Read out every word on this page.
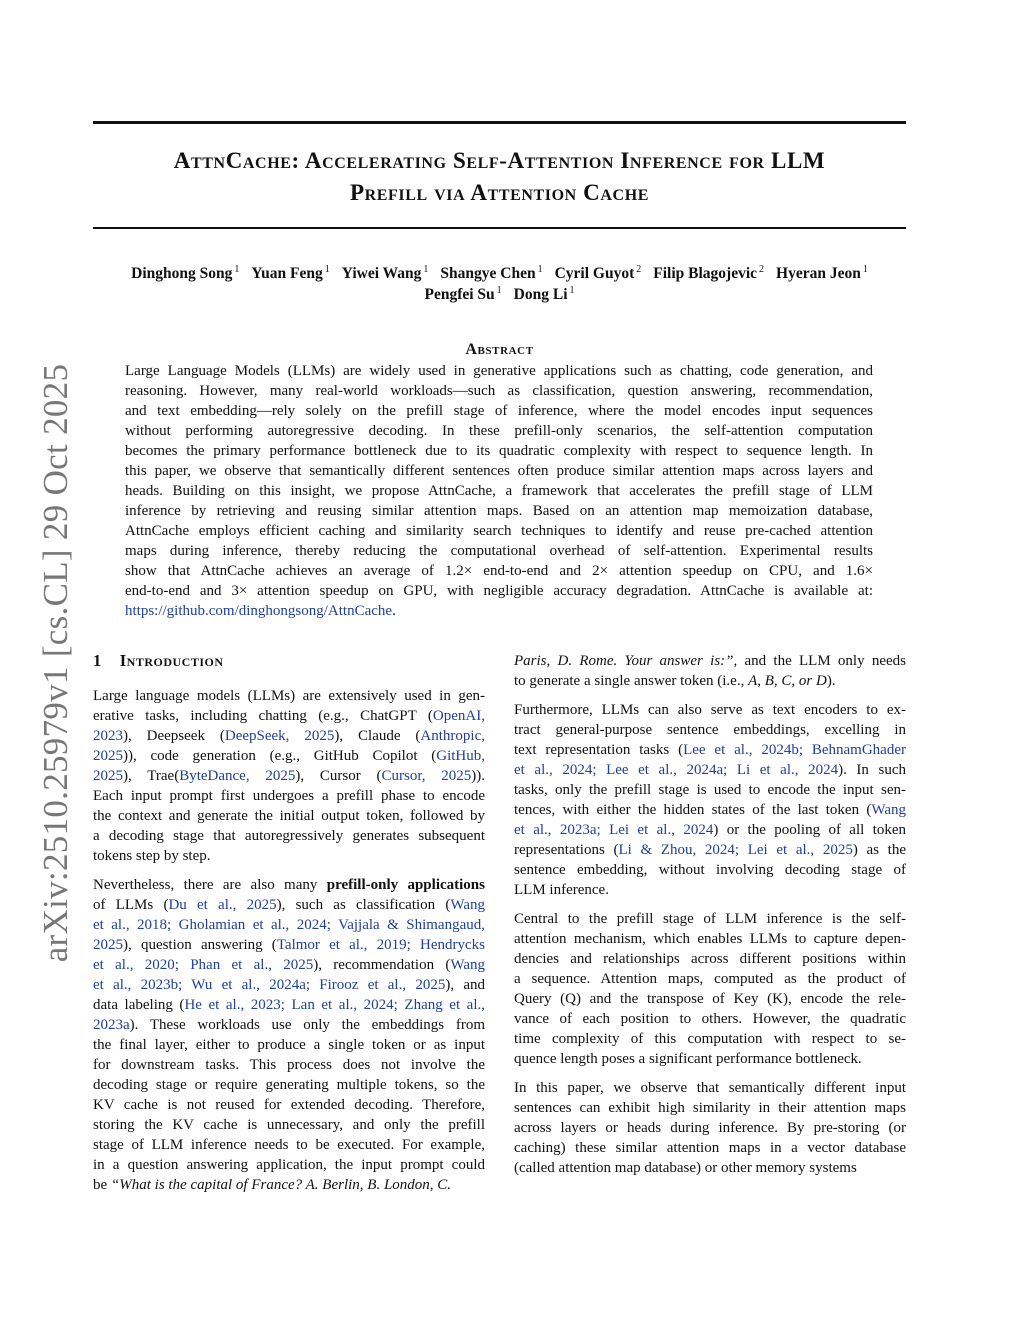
arXiv:2510.25979v1 [cs.CL] 29 Oct 2025
AttnCache: Accelerating Self-Attention Inference for LLM
Prefill via Attention Cache
Dinghong Song $^1$ Yuan Feng $^1$ Yiwei Wang $^1$ Shangye Chen $^1$ Cyril Guyot $^2$ Filip Blagojevic $^2$ Hyeran Jeon $^1$
Pengfei Su $^1$ Dong Li $^1$
Abstract
Large Language Models (LLMs) are widely used in generative applications such as chatting, code generation, and
reasoning. However, many real-world workloads—such as classification, question answering, recommendation,
and text embedding—rely solely on the prefill stage of inference, where the model encodes input sequences
without performing autoregressive decoding. In these prefill-only scenarios, the self-attention computation
becomes the primary performance bottleneck due to its quadratic complexity with respect to sequence length. In
this paper, we observe that semantically different sentences often produce similar attention maps across layers and
heads. Building on this insight, we propose AttnCache, a framework that accelerates the prefill stage of LLM
inference by retrieving and reusing similar attention maps. Based on an attention map memoization database,
AttnCache employs efficient caching and similarity search techniques to identify and reuse pre-cached attention
maps during inference, thereby reducing the computational overhead of self-attention. Experimental results
show that AttnCache achieves an average of 1.2× end-to-end and 2× attention speedup on CPU, and 1.6×
end-to-end and 3× attention speedup on GPU, with negligible accuracy degradation. AttnCache is available at:
https://github.com/dinghongsong/AttnCache.
1 Introduction
Large language models (LLMs) are extensively used in gen-
erative tasks, including chatting (e.g., ChatGPT (OpenAI,
2023), Deepseek (DeepSeek, 2025), Claude (Anthropic,
2025)), code generation (e.g., GitHub Copilot (GitHub,
2025), Trae(ByteDance, 2025), Cursor (Cursor, 2025)).
Each input prompt first undergoes a prefill phase to encode
the context and generate the initial output token, followed by
a decoding stage that autoregressively generates subsequent
tokens step by step.
Nevertheless, there are also many prefill-only applications
of LLMs (Du et al., 2025), such as classification (Wang
et al., 2018; Gholamian et al., 2024; Vajjala & Shimangaud,
2025), question answering (Talmor et al., 2019; Hendrycks
et al., 2020; Phan et al., 2025), recommendation (Wang
et al., 2023b; Wu et al., 2024a; Firooz et al., 2025), and
data labeling (He et al., 2023; Lan et al., 2024; Zhang et al.,
2023a). These workloads use only the embeddings from
the final layer, either to produce a single token or as input
for downstream tasks. This process does not involve the
decoding stage or require generating multiple tokens, so the
KV cache is not reused for extended decoding. Therefore,
storing the KV cache is unnecessary, and only the prefill
stage of LLM inference needs to be executed. For example,
in a question answering application, the input prompt could
be “What is the capital of France? A. Berlin, B. London, C.
Paris, D. Rome. Your answer is:”, and the LLM only needs
to generate a single answer token (i.e., A, B, C, or D).
Furthermore, LLMs can also serve as text encoders to ex-
tract general-purpose sentence embeddings, excelling in
text representation tasks (Lee et al., 2024b; BehnamGhader
et al., 2024; Lee et al., 2024a; Li et al., 2024). In such
tasks, only the prefill stage is used to encode the input sen-
tences, with either the hidden states of the last token (Wang
et al., 2023a; Lei et al., 2024) or the pooling of all token
representations (Li & Zhou, 2024; Lei et al., 2025) as the
sentence embedding, without involving decoding stage of
LLM inference.
Central to the prefill stage of LLM inference is the self-
attention mechanism, which enables LLMs to capture depen-
dencies and relationships across different positions within
a sequence. Attention maps, computed as the product of
Query (Q) and the transpose of Key (K), encode the rele-
vance of each position to others. However, the quadratic
time complexity of this computation with respect to se-
quence length poses a significant performance bottleneck.
In this paper, we observe that semantically different input
sentences can exhibit high similarity in their attention maps
across layers or heads during inference. By pre-storing (or
caching) these similar attention maps in a vector database
(called attention map database) or other memory systems
